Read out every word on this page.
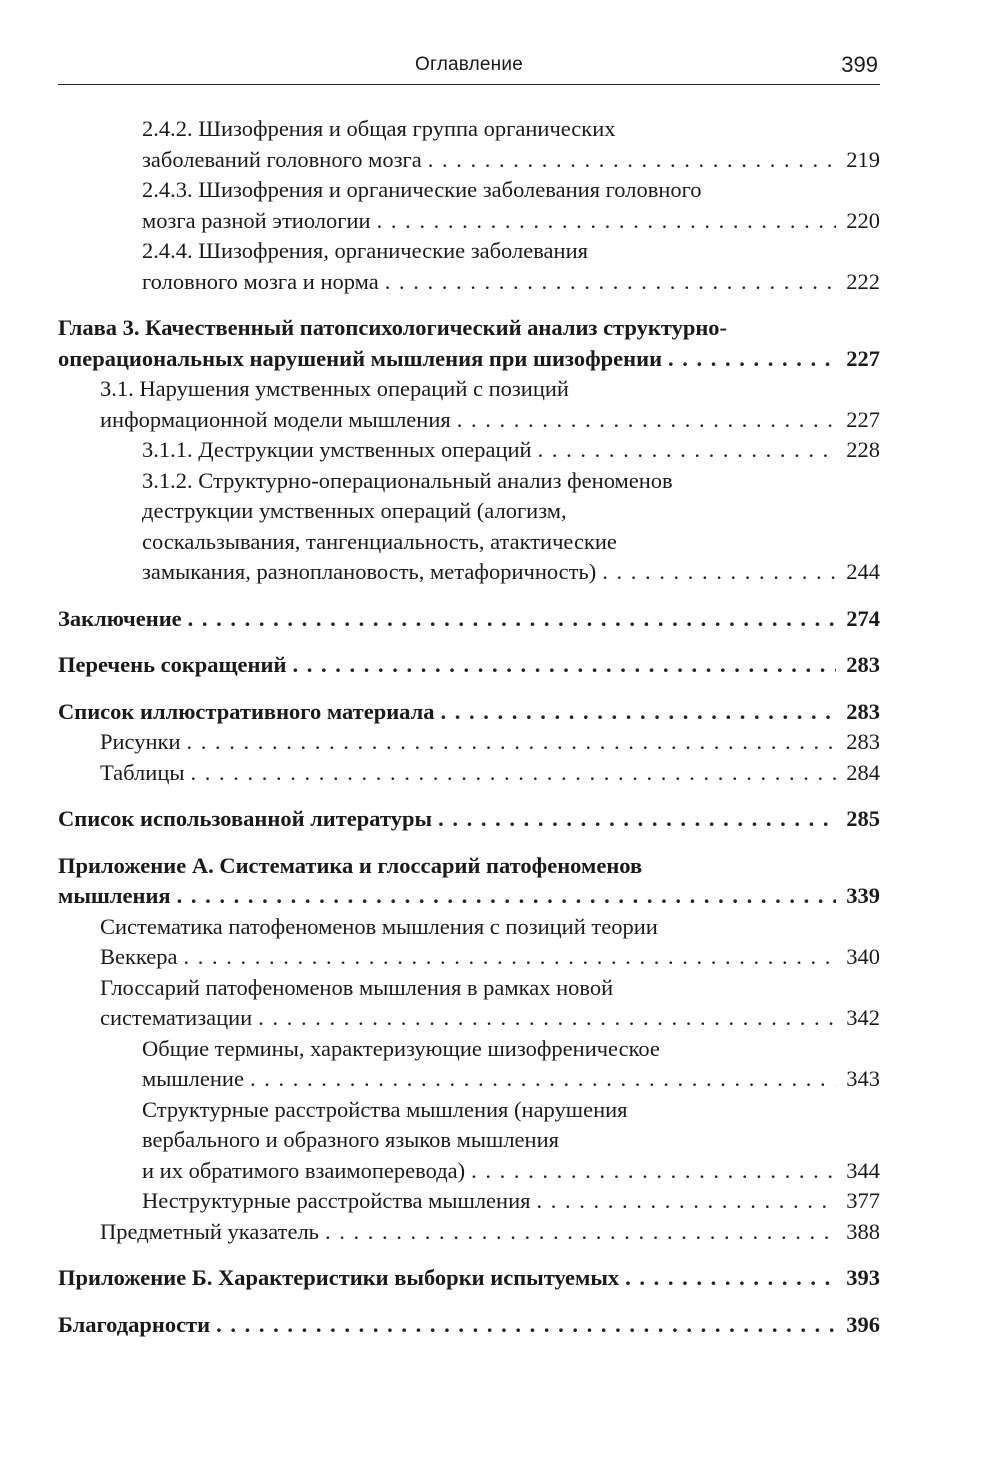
Оглавление	399
2.4.2. Шизофрения и общая группа органических
заболеваний головного мозга . . .	219
2.4.3. Шизофрения и органические заболевания головного
мозга разной этиологии . . .	220
2.4.4. Шизофрения, органические заболевания
головного мозга и норма . . .	222
Глава 3. Качественный патопсихологический анализ структурно-
операциональных нарушений мышления при шизофрении . . .	227
3.1. Нарушения умственных операций с позиций
информационной модели мышления . . .	227
3.1.1. Деструкции умственных операций . . .	228
3.1.2. Структурно-операциональный анализ феноменов
деструкции умственных операций (алогизм,
соскальзывания, тангенциальность, атактические
замыкания, разноплановость, метафоричность) . . .	244
Заключение . . .	274
Перечень сокращений . . .	283
Список иллюстративного материала . . .	283
Рисунки . . .	283
Таблицы . . .	284
Список использованной литературы . . .	285
Приложение А. Систематика и глоссарий патофеноменов
мышления . . .	339
Систематика патофеноменов мышления с позиций теории
Веккера . . .	340
Глоссарий патофеноменов мышления в рамках новой
систематизации . . .	342
Общие термины, характеризующие шизофреническое
мышление . . .	343
Структурные расстройства мышления (нарушения
вербального и образного языков мышления
и их обратимого взаимоперевода) . . .	344
Неструктурные расстройства мышления . . .	377
Предметный указатель . . .	388
Приложение Б. Характеристики выборки испытуемых . . .	393
Благодарности . . .	396
